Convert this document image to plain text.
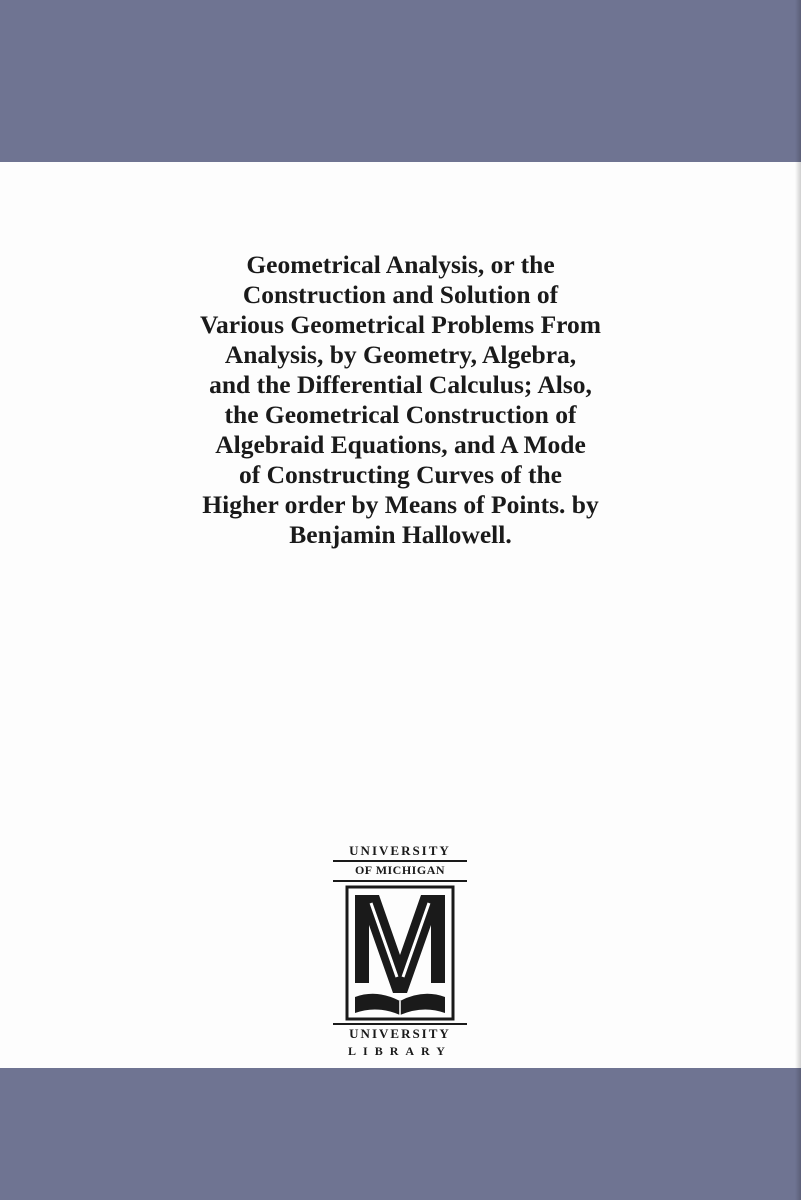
Geometrical Analysis, or the
Construction and Solution of
Various Geometrical Problems From
Analysis, by Geometry, Algebra,
and the Differential Calculus; Also,
the Geometrical Construction of
Algebraid Equations, and A Mode
of Constructing Curves of the
Higher order by Means of Points. by
Benjamin Hallowell.
UNIVERSITY
OF MICHIGAN
UNIVERSITY
LIBRARY
